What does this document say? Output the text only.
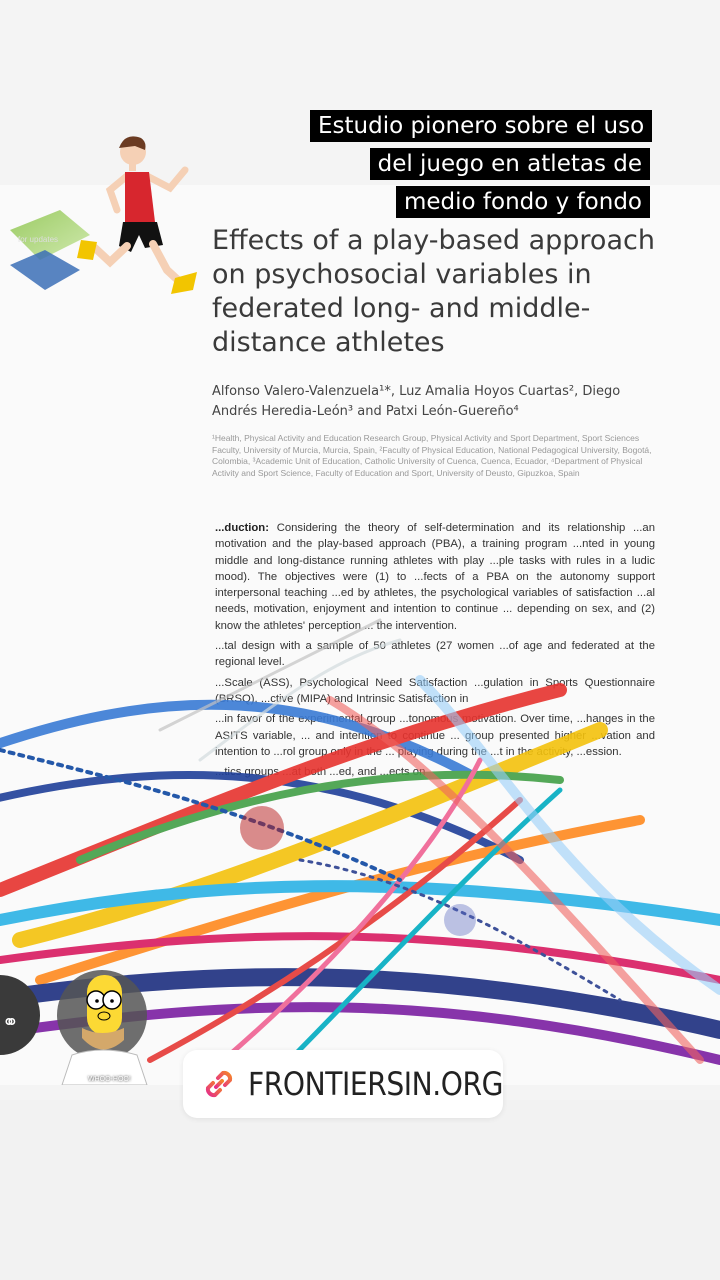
for updates
Estudio pionero sobre el uso del juego en atletas de medio fondo y fondo
Effects of a play-based approach on psychosocial variables in federated long- and middle-distance athletes
Alfonso Valero-Valenzuela¹*, Luz Amalia Hoyos Cuartas², Diego Andrés Heredia-León³ and Patxi León-Guereño⁴
¹Health, Physical Activity and Education Research Group, Physical Activity and Sport Department, Sport Sciences Faculty, University of Murcia, Murcia, Spain, ²Faculty of Physical Education, National Pedagogical University, Bogotá, Colombia, ³Academic Unit of Education, Catholic University of Cuenca, Cuenca, Ecuador, ⁴Department of Physical Activity and Sport Science, Faculty of Education and Sport, University of Deusto, Gipuzkoa, Spain

...duction: Considering the theory of self-determination and its relationship ...an motivation and the play-based approach (PBA), a training program ...nted in young middle and long-distance running athletes with play ...ple tasks with rules in a ludic mood). The objectives were (1) to ...fects of a PBA on the autonomy support interpersonal teaching ...ed by athletes, the psychological variables of satisfaction ...al needs, motivation, enjoyment and intention to continue ... depending on sex, and (2) know the athletes' perception ... the intervention.

...tal design with a sample of 50 athletes (27 women ...of age and federated at the regional level.

...Scale (ASS), Psychological Need Satisfaction ...gulation in Sports Questionnaire (BRSQ), ...ctive (MIPA) and Intrinsic Satisfaction in

...in favor of the experimental group ...tonomous motivation. Over time, ...hanges in the ASITS variable, ... and intention to continue ... group presented higher ...vation and intention to ...rol group only in the ... playing during the ...t in the activity, ...ession.

...tics groups ...at both ...ed, and ...ects on

⚭
WHOO-HOO!	FRONTIERSIN.ORG
